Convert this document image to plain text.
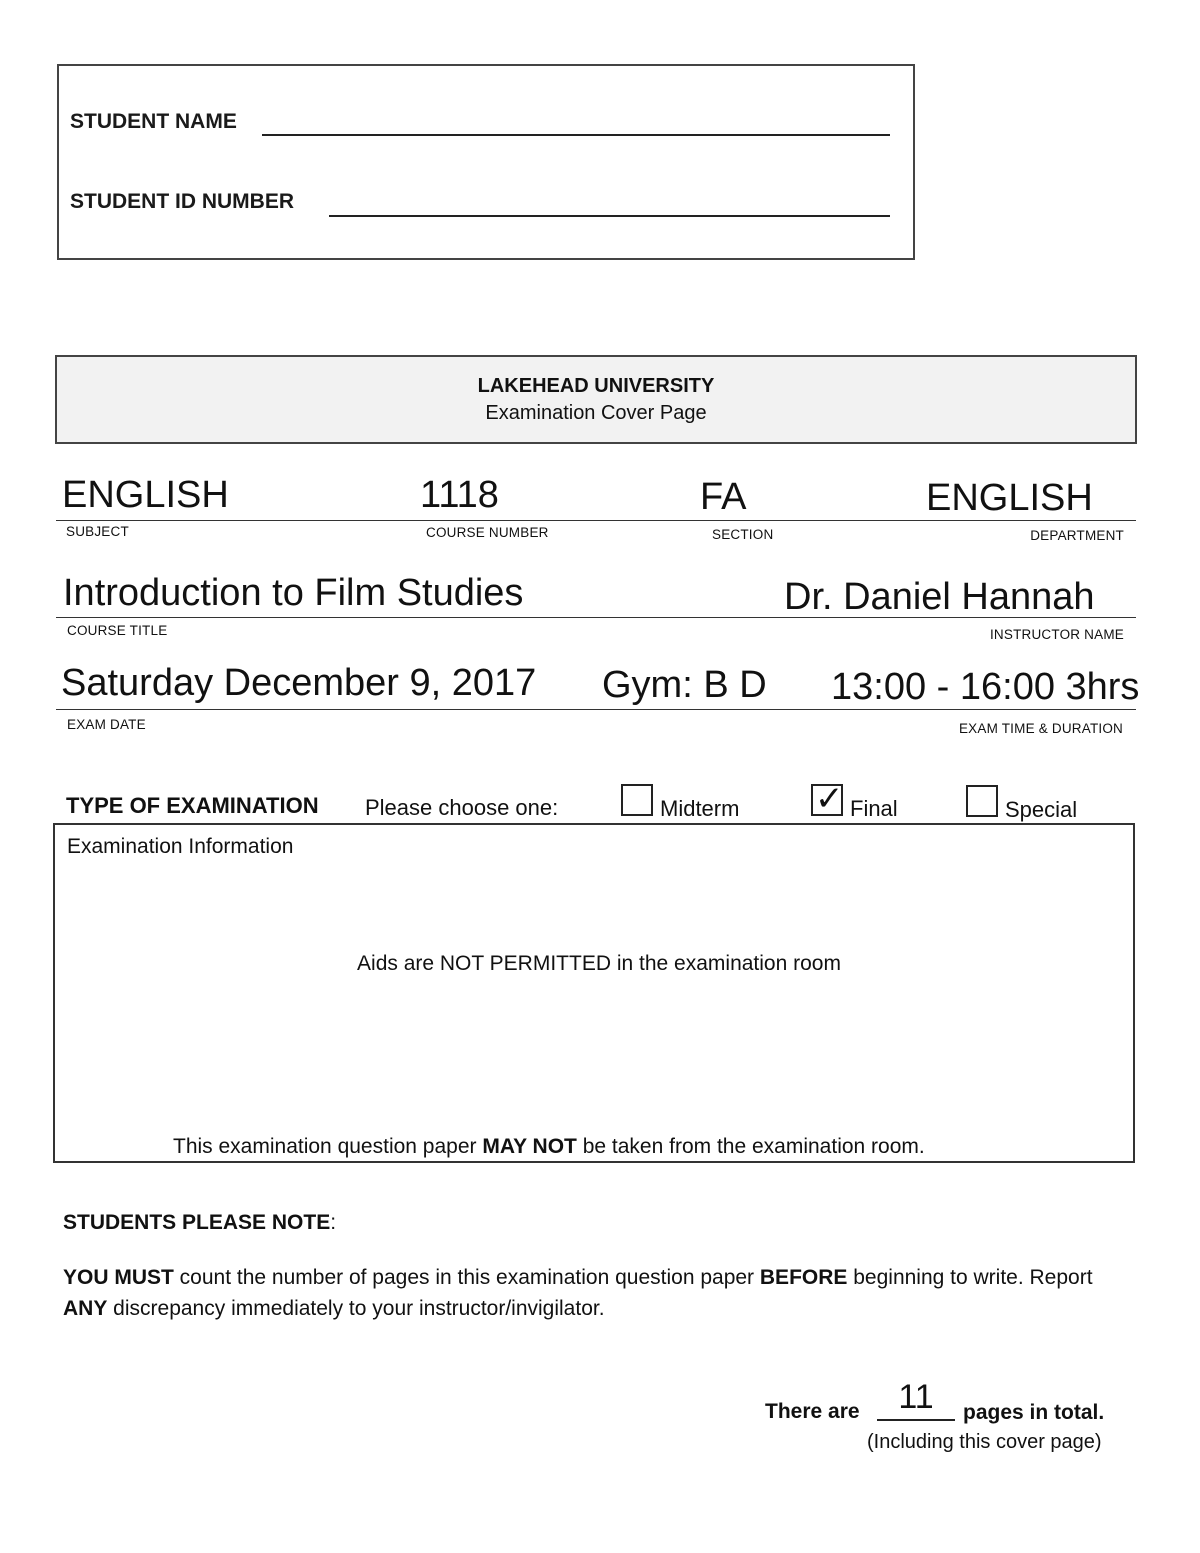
STUDENT NAME
STUDENT ID NUMBER
LAKEHEAD UNIVERSITY
Examination Cover Page
ENGLISH	1118	FA	ENGLISH
SUBJECT	COURSE NUMBER	SECTION	DEPARTMENT
Introduction to Film Studies	Dr. Daniel Hannah
COURSE TITLE	INSTRUCTOR NAME
Saturday December 9, 2017 Gym: B D 13:00 - 16:00 3hrs
EXAM DATE	EXAM TIME & DURATION
TYPE OF EXAMINATION Please choose one:	Midterm ✓ Final	Special
Examination Information
Aids are NOT PERMITTED in the examination room
This examination question paper MAY NOT be taken from the examination room.
STUDENTS PLEASE NOTE:
YOU MUST count the number of pages in this examination question paper BEFORE beginning to write. Report ANY discrepancy immediately to your instructor/invigilator.
There are	11	pages in total.
(Including this cover page)
